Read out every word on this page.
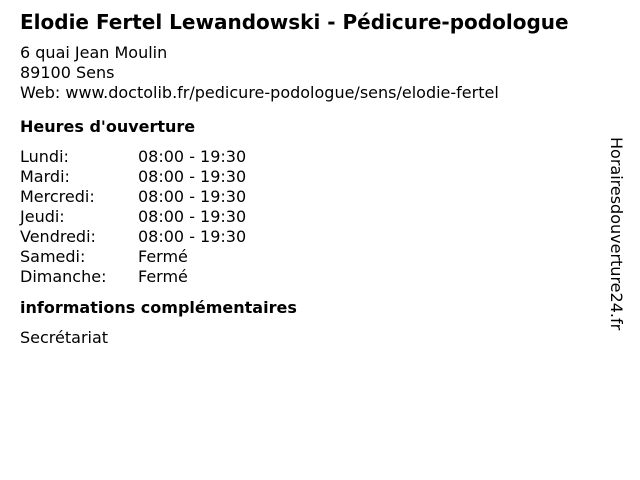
Elodie Fertel Lewandowski - Pédicure-podologue
6 quai Jean Moulin
89100 Sens
Web: www.doctolib.fr/pedicure-podologue/sens/elodie-fertel
Heures d'ouverture
Lundi:	08:00 - 19:30
Mardi:	08:00 - 19:30
Mercredi:	08:00 - 19:30
Jeudi:	08:00 - 19:30
Vendredi:	08:00 - 19:30
Samedi:	Fermé
Dimanche:	Fermé
informations complémentaires
Secrétariat
Horairesdouverture24.fr
